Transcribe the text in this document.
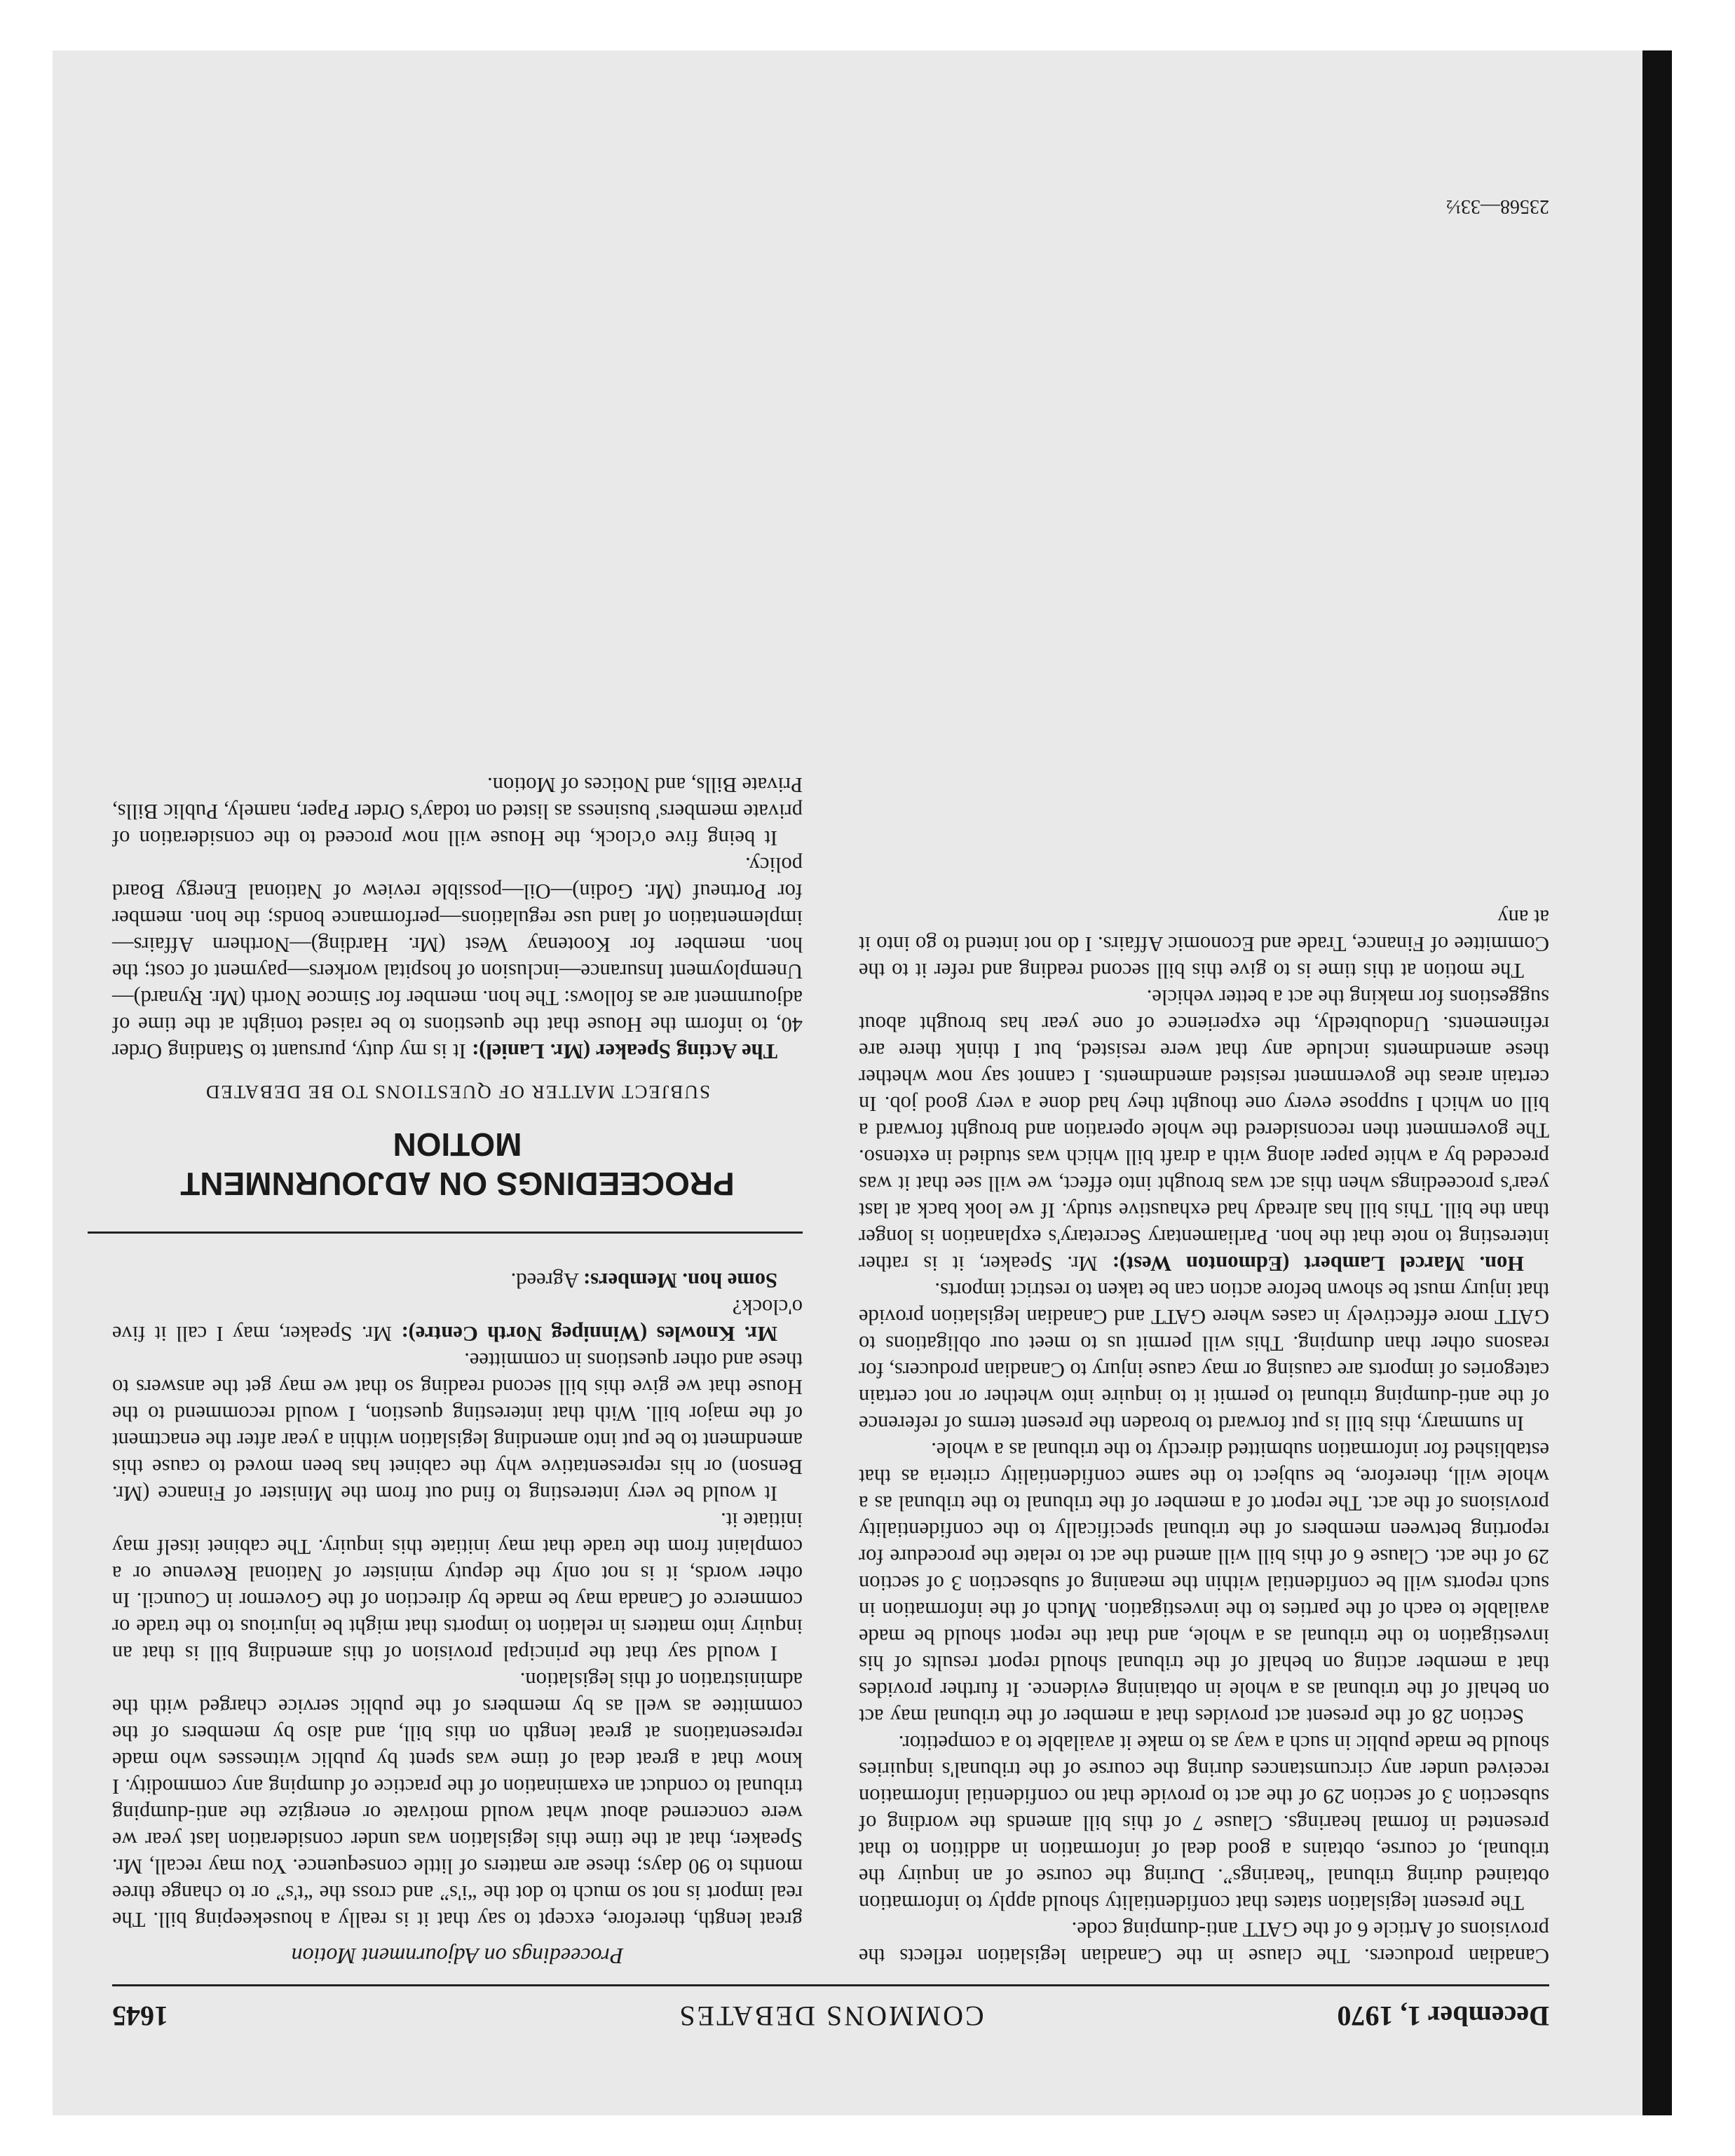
December 1, 1970
COMMONS DEBATES
1645

Canadian producers. The clause in the Canadian legislation reflects the provisions of Article 6 of the GATT anti-dumping code.

The present legislation states that confidentiality should apply to information obtained during tribunal “hearings”. During the course of an inquiry the tribunal, of course, obtains a good deal of information in addition to that presented in formal hearings. Clause 7 of this bill amends the wording of subsection 3 of section 29 of the act to provide that no confidential information received under any circumstances during the course of the tribunal's inquiries should be made public in such a way as to make it available to a competitor.

Section 28 of the present act provides that a member of the tribunal may act on behalf of the tribunal as a whole in obtaining evidence. It further provides that a member acting on behalf of the tribunal should report results of his investigation to the tribunal as a whole, and that the report should be made available to each of the parties to the investigation. Much of the information in such reports will be confidential within the meaning of subsection 3 of section 29 of the act. Clause 6 of this bill will amend the act to relate the procedure for reporting between members of the tribunal specifically to the confidentiality provisions of the act. The report of a member of the tribunal to the tribunal as a whole will, therefore, be subject to the same confidentiality criteria as that established for information submitted directly to the tribunal as a whole.

In summary, this bill is put forward to broaden the present terms of reference of the anti-dumping tribunal to permit it to inquire into whether or not certain categories of imports are causing or may cause injury to Canadian producers, for reasons other than dumping. This will permit us to meet our obligations to GATT more effectively in cases where GATT and Canadian legislation provide that injury must be shown before action can be taken to restrict imports.

Hon. Marcel Lambert (Edmonton West): Mr. Speaker, it is rather interesting to note that the hon. Parliamentary Secretary's explanation is longer than the bill. This bill has already had exhaustive study. If we look back at last year's proceedings when this act was brought into effect, we will see that it was preceded by a white paper along with a draft bill which was studied in extenso. The government then reconsidered the whole operation and brought forward a bill on which I suppose every one thought they had done a very good job. In certain areas the government resisted amendments. I cannot say now whether these amendments include any that were resisted, but I think there are refinements. Undoubtedly, the experience of one year has brought about suggestions for making the act a better vehicle.

The motion at this time is to give this bill second reading and refer it to the Committee of Finance, Trade and Economic Affairs. I do not intend to go into it at any

Proceedings on Adjournment Motion

great length, therefore, except to say that it is really a housekeeping bill. The real import is not so much to dot the “i's” and cross the “t's” or to change three months to 90 days; these are matters of little consequence. You may recall, Mr. Speaker, that at the time this legislation was under consideration last year we were concerned about what would motivate or energize the anti-dumping tribunal to conduct an examination of the practice of dumping any commodity. I know that a great deal of time was spent by public witnesses who made representations at great length on this bill, and also by members of the committee as well as by members of the public service charged with the administration of this legislation.

I would say that the principal provision of this amending bill is that an inquiry into matters in relation to imports that might be injurious to the trade or commerce of Canada may be made by direction of the Governor in Council. In other words, it is not only the deputy minister of National Revenue or a complaint from the trade that may initiate this inquiry. The cabinet itself may initiate it.

It would be very interesting to find out from the Minister of Finance (Mr. Benson) or his representative why the cabinet has been moved to cause this amendment to be put into amending legislation within a year after the enactment of the major bill. With that interesting question, I would recommend to the House that we give this bill second reading so that we may get the answers to these and other questions in committee.

Mr. Knowles (Winnipeg North Centre): Mr. Speaker, may I call it five o'clock?

Some hon. Members: Agreed.

PROCEEDINGS ON ADJOURNMENT MOTION
SUBJECT MATTER OF QUESTIONS TO BE DEBATED

The Acting Speaker (Mr. Laniel): It is my duty, pursuant to Standing Order 40, to inform the House that the questions to be raised tonight at the time of adjournment are as follows: The hon. member for Simcoe North (Mr. Rynard)—Unemployment Insurance—inclusion of hospital workers—payment of cost; the hon. member for Kootenay West (Mr. Harding)—Northern Affairs—implementation of land use regulations—performance bonds; the hon. member for Portneuf (Mr. Godin)—Oil—possible review of National Energy Board policy.

It being five o'clock, the House will now proceed to the consideration of private members' business as listed on today's Order Paper, namely, Public Bills, Private Bills, and Notices of Motion.

23568—33½
